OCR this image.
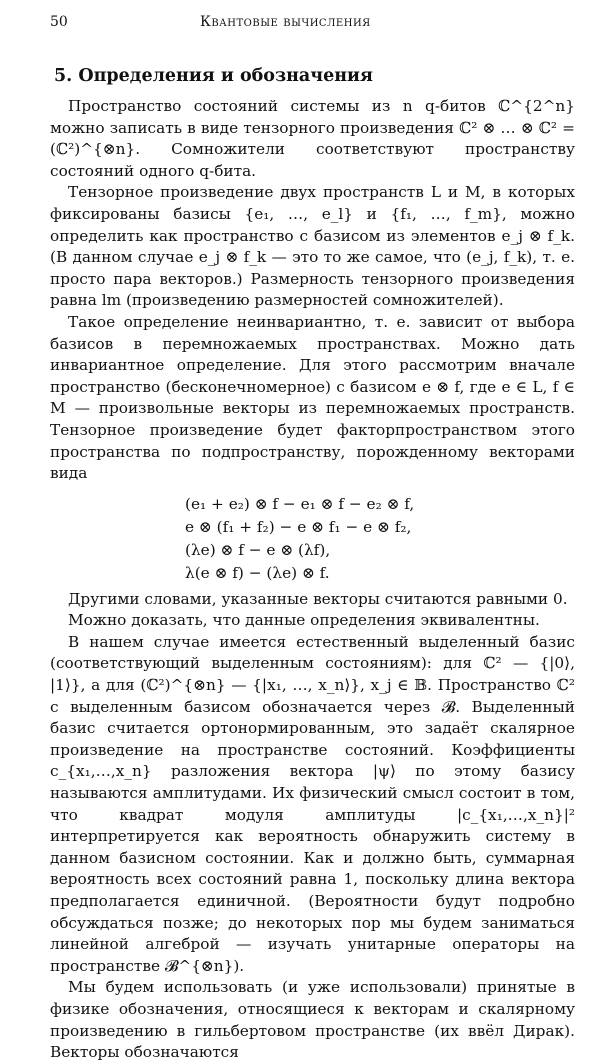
50	Квантовые вычисления
5. Определения и обозначения

Пространство состояний системы из n q-битов ℂ^{2^n} можно записать в виде тензорного произведения ℂ² ⊗ … ⊗ ℂ² = (ℂ²)^{⊗n}. Сомножители соответствуют пространству состояний одного q-бита.

Тензорное произведение двух пространств L и M, в которых фиксированы базисы {e₁, …, e_l} и {f₁, …, f_m}, можно определить как пространство с базисом из элементов e_j ⊗ f_k. (В данном случае e_j ⊗ f_k — это то же самое, что (e_j, f_k), т. е. просто пара векторов.) Размерность тензорного произведения равна lm (произведению размерностей сомножителей).

Такое определение неинвариантно, т. е. зависит от выбора базисов в перемножаемых пространствах. Можно дать инвариантное определение. Для этого рассмотрим вначале пространство (бесконечномерное) с базисом e ⊗ f, где e ∈ L, f ∈ M — произвольные векторы из перемножаемых пространств. Тензорное произведение будет факторпространством этого пространства по подпространству, порожденному векторами вида

(e₁ + e₂) ⊗ f − e₁ ⊗ f − e₂ ⊗ f,
e ⊗ (f₁ + f₂) − e ⊗ f₁ − e ⊗ f₂,
(λe) ⊗ f − e ⊗ (λf),
λ(e ⊗ f) − (λe) ⊗ f.

Другими словами, указанные векторы считаются равными 0.

Можно доказать, что данные определения эквивалентны.

В нашем случае имеется естественный выделенный базис (соответствующий выделенным состояниям): для ℂ² — {|0⟩, |1⟩}, а для (ℂ²)^{⊗n} — {|x₁, …, x_n⟩}, x_j ∈ 𝔹. Пространство ℂ² с выделенным базисом обозначается через 𝓑. Выделенный базис считается ортонормированным, это задаёт скалярное произведение на пространстве состояний. Коэффициенты c_{x₁,…,x_n} разложения вектора |ψ⟩ по этому базису называются амплитудами. Их физический смысл состоит в том, что квадрат модуля амплитуды |c_{x₁,…,x_n}|² интерпретируется как вероятность обнаружить систему в данном базисном состоянии. Как и должно быть, суммарная вероятность всех состояний равна 1, поскольку длина вектора предполагается единичной. (Вероятности будут подробно обсуждаться позже; до некоторых пор мы будем заниматься линейной алгеброй — изучать унитарные операторы на пространстве 𝓑^{⊗n}).

Мы будем использовать (и уже использовали) принятые в физике обозначения, относящиеся к векторам и скалярному произведению в гильбертовом пространстве (их ввёл Дирак). Векторы обозначаются
